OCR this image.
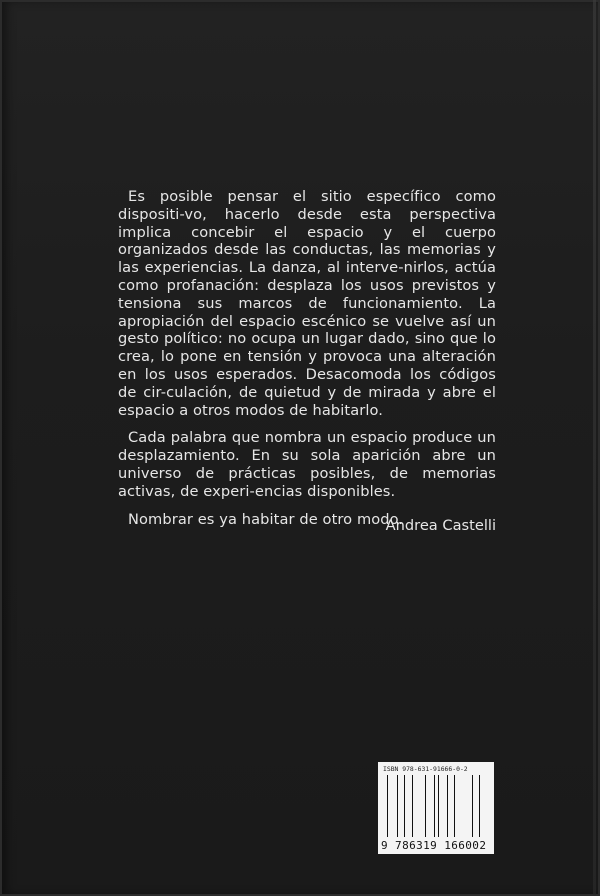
Es posible pensar el sitio específico como dispositi-vo, hacerlo desde esta perspectiva implica concebir el espacio y el cuerpo organizados desde las conductas, las memorias y las experiencias. La danza, al interve-nirlos, actúa como profanación: desplaza los usos previstos y tensiona sus marcos de funcionamiento. La apropiación del espacio escénico se vuelve así un gesto político: no ocupa un lugar dado, sino que lo crea, lo pone en tensión y provoca una alteración en los usos esperados. Desacomoda los códigos de cir-culación, de quietud y de mirada y abre el espacio a otros modos de habitarlo.

Cada palabra que nombra un espacio produce un desplazamiento. En su sola aparición abre un universo de prácticas posibles, de memorias activas, de experi-encias disponibles.

Nombrar es ya habitar de otro modo.

Andrea Castelli
ISBN 978-631-91666-0-2
9 786319 166002
